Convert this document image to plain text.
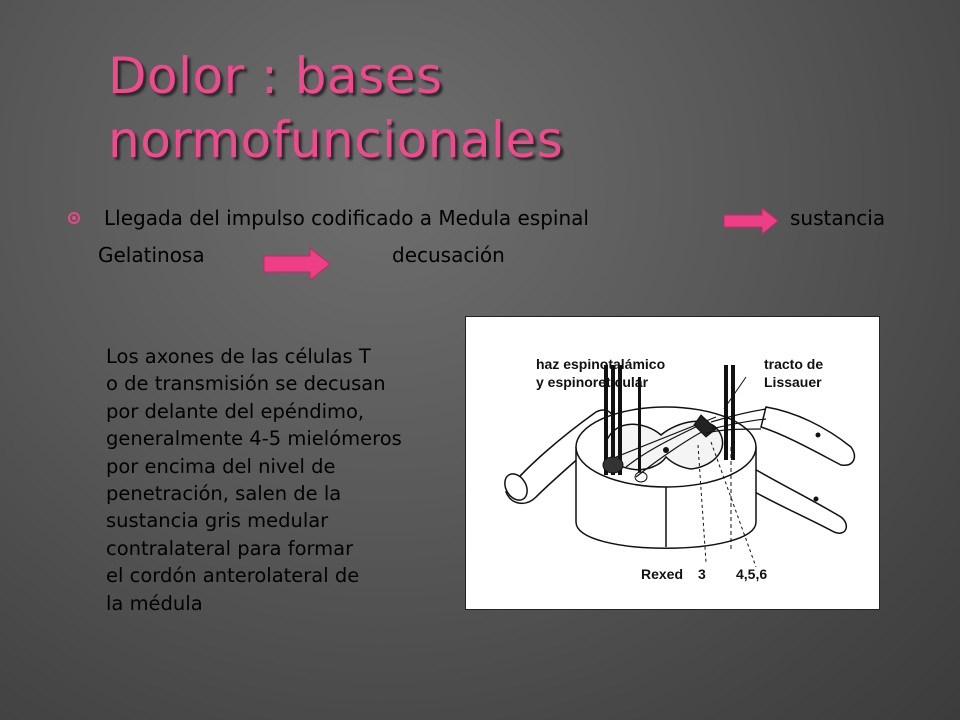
Dolor : bases
normofuncionales
Llegada del impulso codificado a Medula espinal	sustancia
Gelatinosa	decusación
Los axones de las células T
o de transmisión se decusan
por delante del epéndimo,
generalmente 4-5 mielómeros
por encima del nivel de
penetración, salen de la
sustancia gris medular
contralateral para formar
el cordón anterolateral de
la médula
haz espinotalámico
y espinoreticular
tracto de
Lissauer
Rexed 3 4,5,6
